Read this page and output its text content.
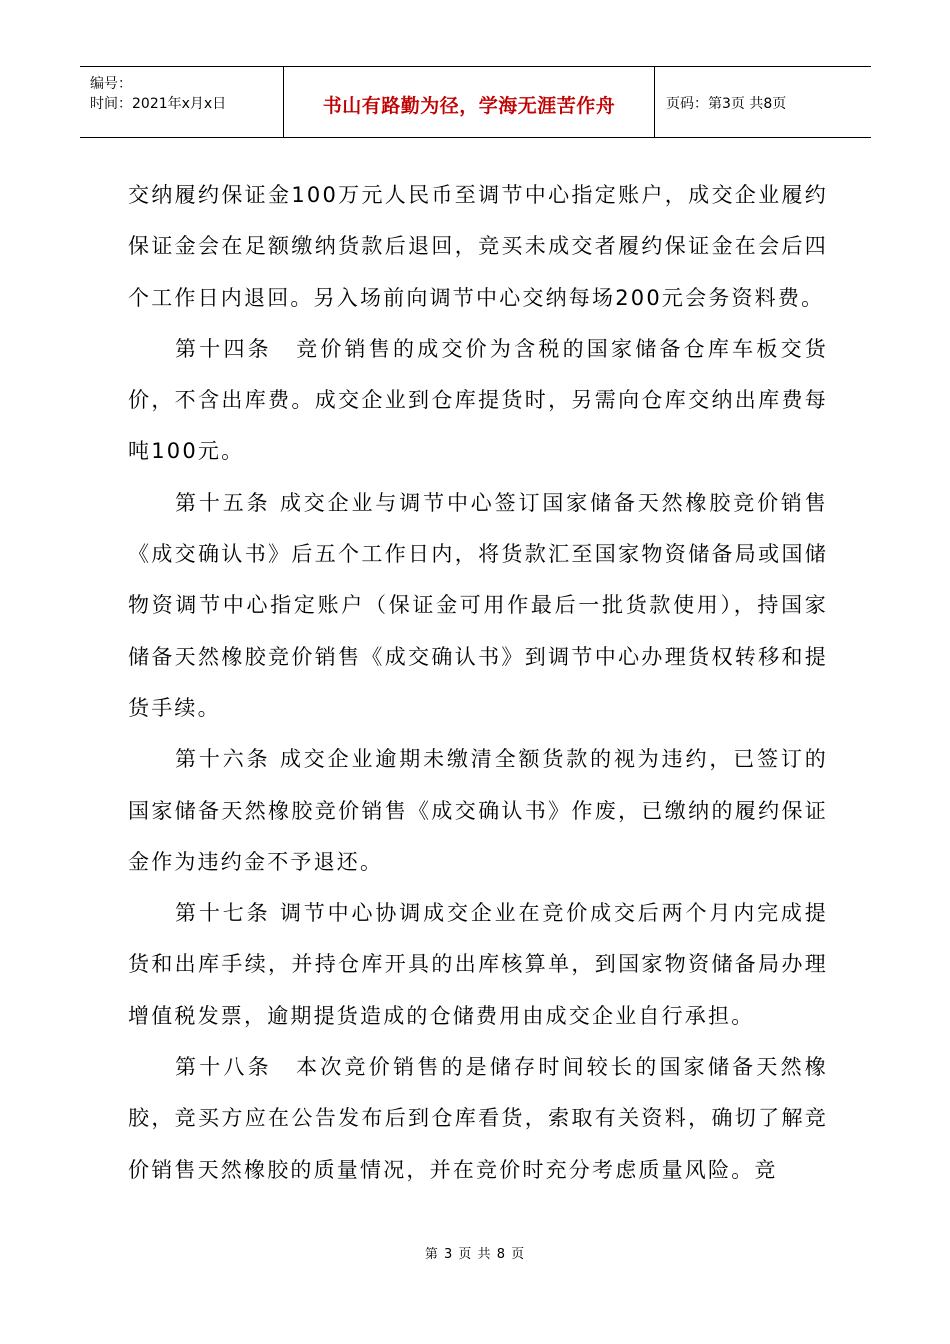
编号：
时间：2021年x月x日	书山有路勤为径，学海无涯苦作舟	页码：第3页 共8页

交纳履约保证金100万元人民币至调节中心指定账户，成交企业履约保证金会在足额缴纳货款后退回，竞买未成交者履约保证金在会后四个工作日内退回。另入场前向调节中心交纳每场200元会务资料费。

第十四条　竞价销售的成交价为含税的国家储备仓库车板交货价，不含出库费。成交企业到仓库提货时，另需向仓库交纳出库费每吨100元。

第十五条 成交企业与调节中心签订国家储备天然橡胶竞价销售《成交确认书》后五个工作日内，将货款汇至国家物资储备局或国储物资调节中心指定账户（保证金可用作最后一批货款使用），持国家储备天然橡胶竞价销售《成交确认书》到调节中心办理货权转移和提货手续。

第十六条 成交企业逾期未缴清全额货款的视为违约，已签订的国家储备天然橡胶竞价销售《成交确认书》作废，已缴纳的履约保证金作为违约金不予退还。

第十七条 调节中心协调成交企业在竞价成交后两个月内完成提货和出库手续，并持仓库开具的出库核算单，到国家物资储备局办理增值税发票，逾期提货造成的仓储费用由成交企业自行承担。

第十八条　本次竞价销售的是储存时间较长的国家储备天然橡胶，竞买方应在公告发布后到仓库看货，索取有关资料，确切了解竞价销售天然橡胶的质量情况，并在竞价时充分考虑质量风险。竞

第 3 页 共 8 页
